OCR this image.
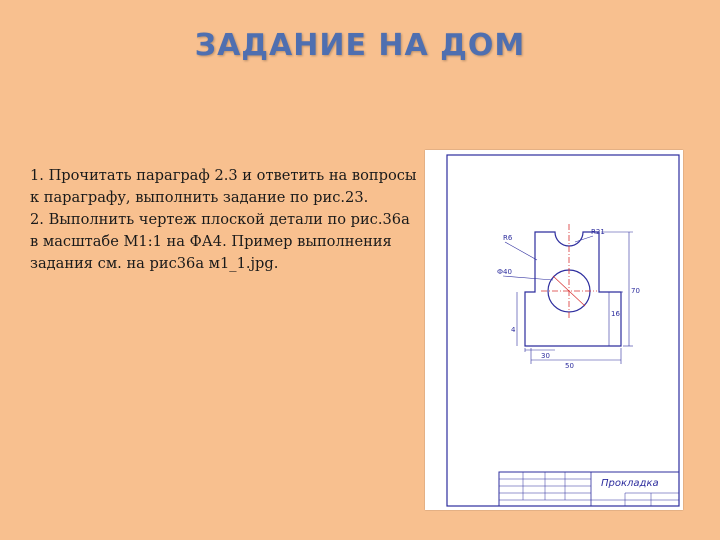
ЗАДАНИЕ НА ДОМ
1. Прочитать параграф 2.3 и ответить на вопросы
к параграфу, выполнить задание по рис.23.
2. Выполнить чертеж плоской детали по рис.36а
в масштабе М1:1 на ФА4. Пример выполнения
задания см. на рис36а м1_1.jpg.
R6
R21
Ф40
70
16
30
50
4
Прокладка
